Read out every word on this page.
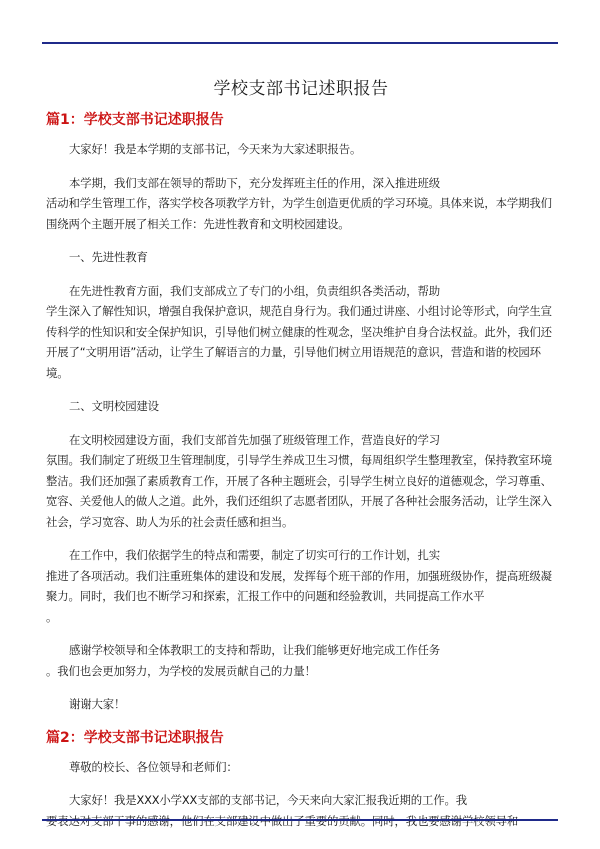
学校支部书记述职报告
篇1：学校支部书记述职报告

大家好！我是本学期的支部书记，今天来为大家述职报告。

本学期，我们支部在领导的帮助下，充分发挥班主任的作用，深入推进班级

活动和学生管理工作，落实学校各项教学方针，为学生创造更优质的学习环境。具体来说，本学期我们围绕两个主题开展了相关工作：先进性教育和文明校园建设。

一、先进性教育

在先进性教育方面，我们支部成立了专门的小组，负责组织各类活动，帮助

学生深入了解性知识，增强自我保护意识，规范自身行为。我们通过讲座、小组讨论等形式，向学生宣传科学的性知识和安全保护知识，引导他们树立健康的性观念，坚决维护自身合法权益。此外，我们还开展了“文明用语”活动，让学生了解语言的力量，引导他们树立用语规范的意识，营造和谐的校园环境。

二、文明校园建设

在文明校园建设方面，我们支部首先加强了班级管理工作，营造良好的学习

氛围。我们制定了班级卫生管理制度，引导学生养成卫生习惯，每周组织学生整理教室，保持教室环境整洁。我们还加强了素质教育工作，开展了各种主题班会，引导学生树立良好的道德观念，学习尊重、宽容、关爱他人的做人之道。此外，我们还组织了志愿者团队，开展了各种社会服务活动，让学生深入社会，学习宽容、助人为乐的社会责任感和担当。

在工作中，我们依据学生的特点和需要，制定了切实可行的工作计划，扎实

推进了各项活动。我们注重班集体的建设和发展，发挥每个班干部的作用，加强班级协作，提高班级凝聚力。同时，我们也不断学习和探索，汇报工作中的问题和经验教训，共同提高工作水平

。

感谢学校领导和全体教职工的支持和帮助，让我们能够更好地完成工作任务

。我们也会更加努力，为学校的发展贡献自己的力量！

谢谢大家！

篇2：学校支部书记述职报告

尊敬的校长、各位领导和老师们：

大家好！我是XXX小学XX支部的支部书记，今天来向大家汇报我近期的工作。我

要表达对支部干事的感谢，他们在支部建设中做出了重要的贡献。同时，我也要感谢学校领导和
